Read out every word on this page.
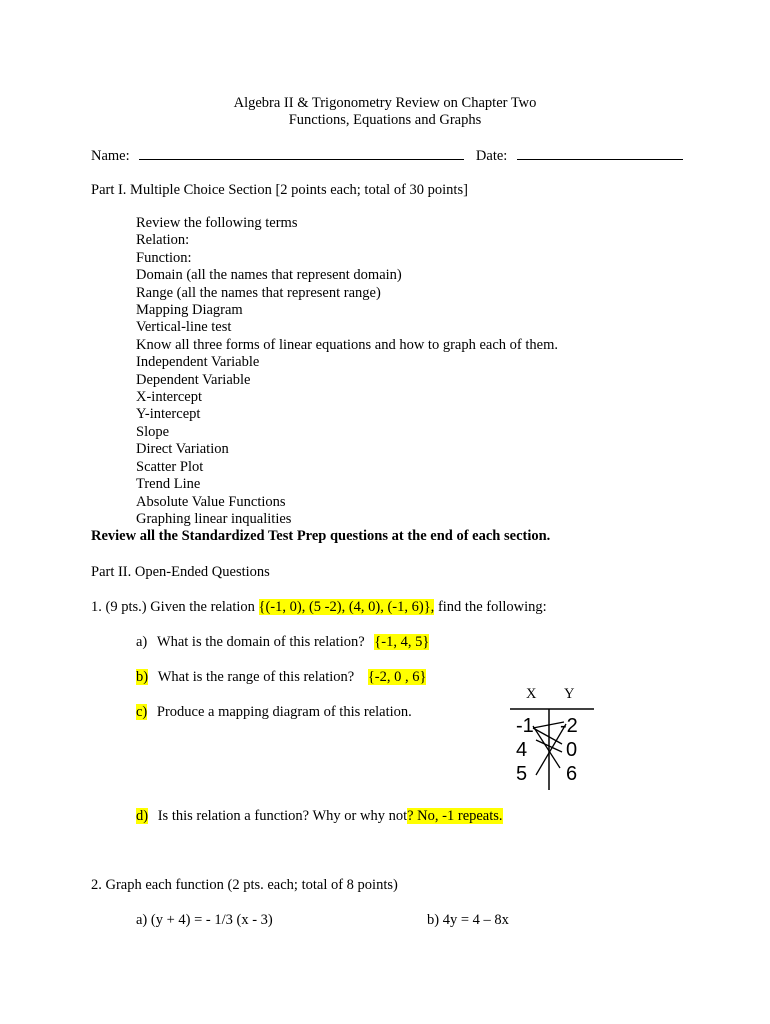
Algebra II & Trigonometry Review on Chapter Two
Functions, Equations and Graphs
Name:	Date:
Part I. Multiple Choice Section [2 points each; total of 30 points]
Review the following terms
Relation:
Function:
Domain (all the names that represent domain)
Range (all the names that represent range)
Mapping Diagram
Vertical-line test
Know all three forms of linear equations and how to graph each of them.
Independent Variable
Dependent Variable
X-intercept
Y-intercept
Slope
Direct Variation
Scatter Plot
Trend Line
Absolute Value Functions
Graphing linear inqualities
Review all the Standardized Test Prep questions at the end of each section.
Part II. Open-Ended Questions
1. (9 pts.) Given the relation {(-1, 0), (5 -2), (4, 0), (-1, 6)}, find the following:
a) What is the domain of this relation? {-1, 4, 5}
b) What is the range of this relation? {-2, 0 , 6}
c) Produce a mapping diagram of this relation.
X Y
-1
4
5
-2
0
6
d) Is this relation a function? Why or why not? No, -1 repeats.
2. Graph each function (2 pts. each; total of 8 points)
a) (y + 4) = - 1/3 (x - 3)	b) 4y = 4 – 8x
